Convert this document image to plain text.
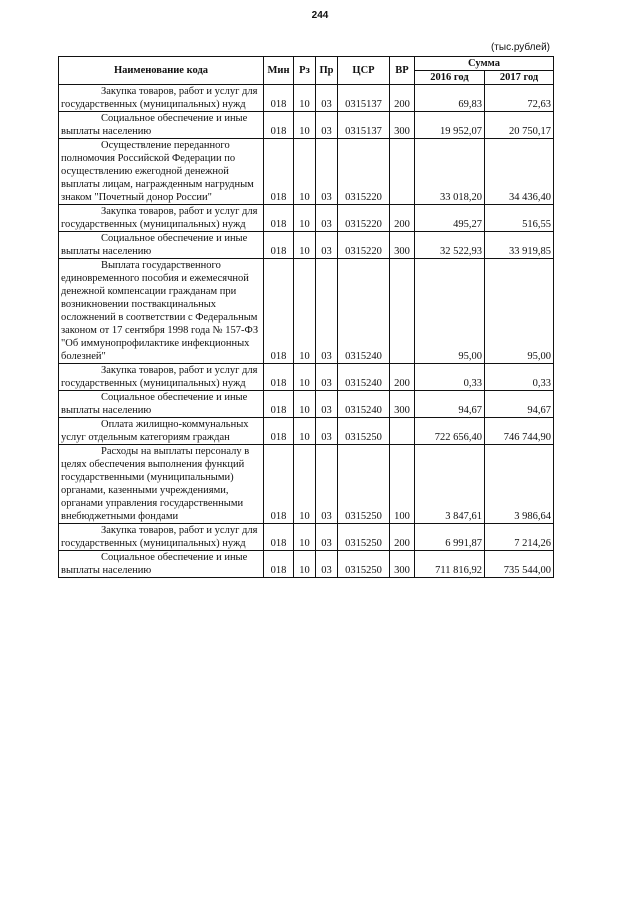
244
(тыс.рублей)
Наименование кода	Мин	Рз	Пр	ЦСР	ВР	Сумма	
						2016 год	2017 год
Закупка товаров, работ и услуг для государственных (муниципальных) нужд	018	10	03	0315137	200	69,83	72,63
Социальное обеспечение и иные выплаты населению	018	10	03	0315137	300	19 952,07	20 750,17
Осуществление переданного полномочия Российской Федерации по осуществлению ежегодной денежной выплаты лицам, награжденным нагрудным знаком "Почетный донор России"	018	10	03	0315220		33 018,20	34 436,40
Закупка товаров, работ и услуг для государственных (муниципальных) нужд	018	10	03	0315220	200	495,27	516,55
Социальное обеспечение и иные выплаты населению	018	10	03	0315220	300	32 522,93	33 919,85
Выплата государственного единовременного пособия и ежемесячной денежной компенсации гражданам при возникновении поствакцинальных осложнений в соответствии с Федеральным законом от 17 сентября 1998 года № 157-ФЗ "Об иммунопрофилактике инфекционных болезней"	018	10	03	0315240		95,00	95,00
Закупка товаров, работ и услуг для государственных (муниципальных) нужд	018	10	03	0315240	200	0,33	0,33
Социальное обеспечение и иные выплаты населению	018	10	03	0315240	300	94,67	94,67
Оплата жилищно-коммунальных услуг отдельным категориям граждан	018	10	03	0315250		722 656,40	746 744,90
Расходы на выплаты персоналу в целях обеспечения выполнения функций государственными (муниципальными) органами, казенными учреждениями, органами управления государственными внебюджетными фондами	018	10	03	0315250	100	3 847,61	3 986,64
Закупка товаров, работ и услуг для государственных (муниципальных) нужд	018	10	03	0315250	200	6 991,87	7 214,26
Социальное обеспечение и иные выплаты населению	018	10	03	0315250	300	711 816,92	735 544,00
